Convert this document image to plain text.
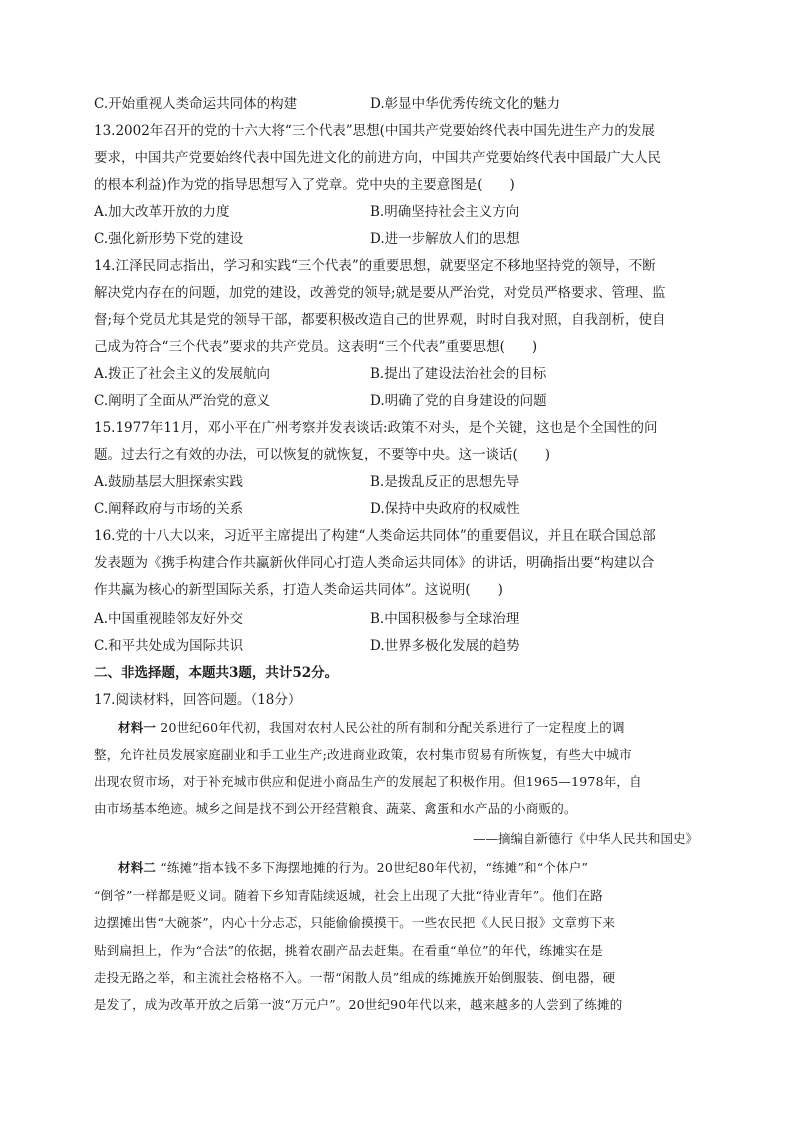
C.开始重视人类命运共同体的构建	D.彰显中华优秀传统文化的魅力
13.2002年召开的党的十六大将“三个代表”思想(中国共产党要始终代表中国先进生产力的发展
要求，中国共产党要始终代表中国先进文化的前进方向，中国共产党要始终代表中国最广大人民
的根本利益)作为党的指导思想写入了党章。党中央的主要意图是(　　)
A.加大改革开放的力度	B.明确坚持社会主义方向
C.强化新形势下党的建设	D.进一步解放人们的思想
14.江泽民同志指出，学习和实践“三个代表”的重要思想，就要坚定不移地坚持党的领导，不断
解决党内存在的问题，加党的建设，改善党的领导;就是要从严治党，对党员严格要求、管理、监
督;每个党员尤其是党的领导干部，都要积极改造自己的世界观，时时自我对照，自我剖析，使自
己成为符合“三个代表”要求的共产党员。这表明“三个代表”重要思想(　　)
A.拨正了社会主义的发展航向	B.提出了建设法治社会的目标
C.阐明了全面从严治党的意义	D.明确了党的自身建设的问题
15.1977年11月，邓小平在广州考察并发表谈话:政策不对头，是个关键，这也是个全国性的问
题。过去行之有效的办法，可以恢复的就恢复，不要等中央。这一谈话(　　)
A.鼓励基层大胆探索实践	B.是拨乱反正的思想先导
C.阐释政府与市场的关系	D.保持中央政府的权威性
16.党的十八大以来，习近平主席提出了构建“人类命运共同体”的重要倡议，并且在联合国总部
发表题为《携手构建合作共赢新伙伴同心打造人类命运共同体》的讲话，明确指出要“构建以合
作共赢为核心的新型国际关系，打造人类命运共同体”。这说明(　　)
A.中国重视睦邻友好外交	B.中国积极参与全球治理
C.和平共处成为国际共识	D.世界多极化发展的趋势
二、非选择题，本题共3题，共计52分。
17.阅读材料，回答问题。（18分）
材料一 20世纪60年代初，我国对农村人民公社的所有制和分配关系进行了一定程度上的调
整，允许社员发展家庭副业和手工业生产;改进商业政策，农村集市贸易有所恢复，有些大中城市
出现农贸市场，对于补充城市供应和促进小商品生产的发展起了积极作用。但1965—1978年，自
由市场基本绝迹。城乡之间是找不到公开经营粮食、蔬菜、禽蛋和水产品的小商贩的。
——摘编自新德行《中华人民共和国史》
材料二 “练摊”指本钱不多下海摆地摊的行为。20世纪80年代初，“练摊”和“个体户”
“倒爷”一样都是贬义词。随着下乡知青陆续返城，社会上出现了大批“待业青年”。他们在路
边摆摊出售“大碗茶”，内心十分忐忑，只能偷偷摸摸干。一些农民把《人民日报》文章剪下来
贴到扁担上，作为“合法”的依据，挑着农副产品去赶集。在看重“单位”的年代，练摊实在是
走投无路之举，和主流社会格格不入。一帮“闲散人员”组成的练摊族开始倒服装、倒电器，硬
是发了，成为改革开放之后第一波“万元户”。20世纪90年代以来，越来越多的人尝到了练摊的
